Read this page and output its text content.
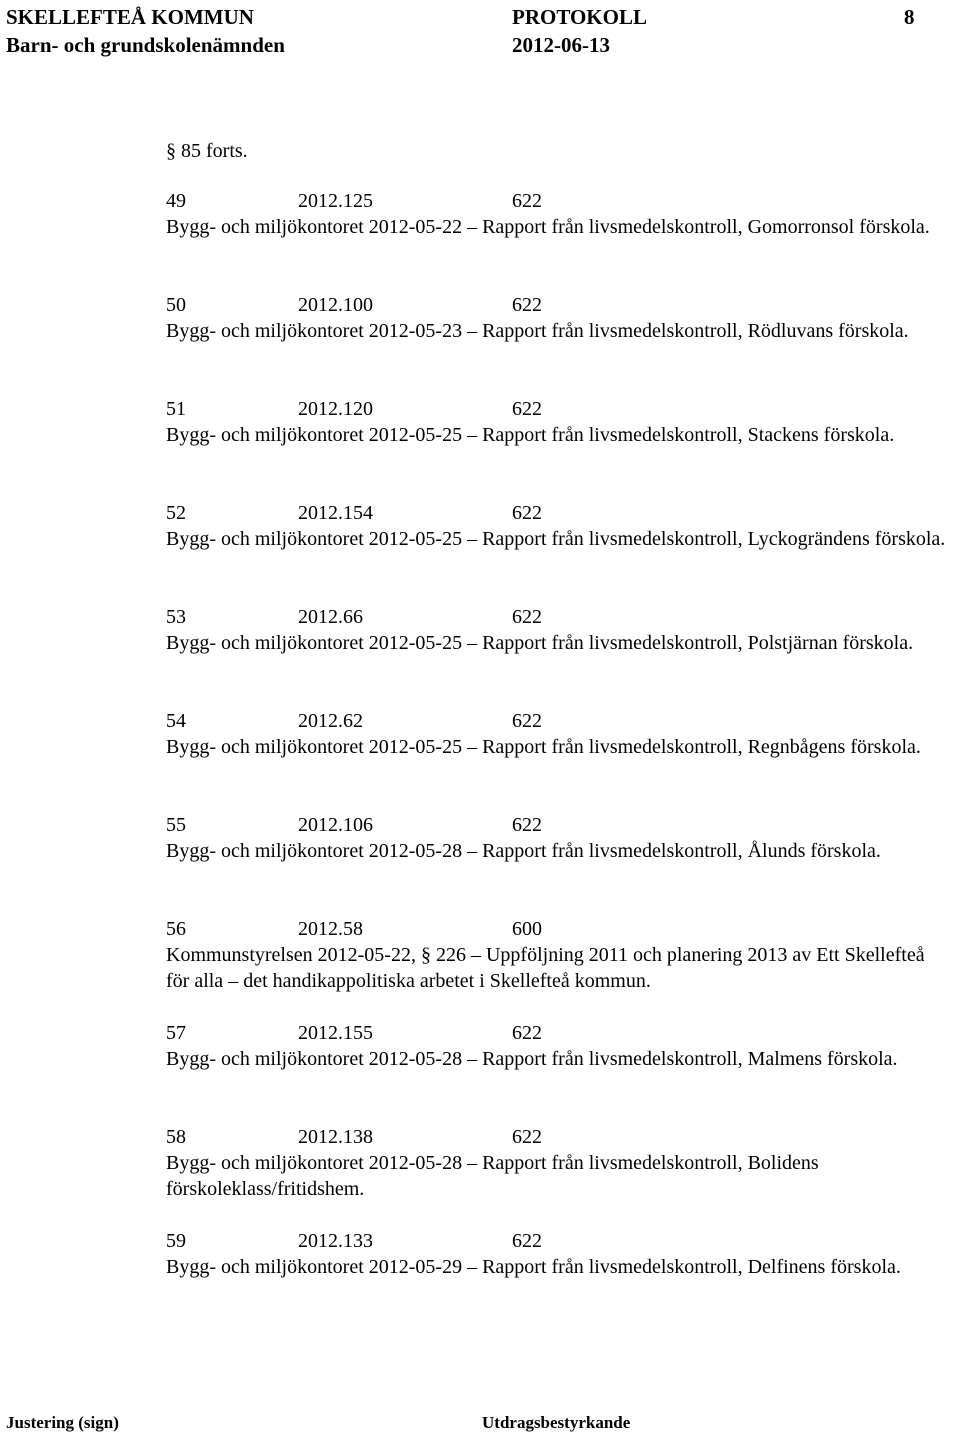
SKELLEFTEÅ KOMMUN	PROTOKOLL	8
Barn- och grundskolenämnden	2012-06-13
§ 85 forts.
49	2012.125	622
Bygg- och miljökontoret 2012-05-22 – Rapport från livsmedelskontroll, Gomorronsol förskola.
50	2012.100	622
Bygg- och miljökontoret 2012-05-23 – Rapport från livsmedelskontroll, Rödluvans förskola.
51	2012.120	622
Bygg- och miljökontoret 2012-05-25 – Rapport från livsmedelskontroll, Stackens förskola.
52	2012.154	622
Bygg- och miljökontoret 2012-05-25 – Rapport från livsmedelskontroll, Lyckogrändens förskola.
53	2012.66	622
Bygg- och miljökontoret 2012-05-25 – Rapport från livsmedelskontroll, Polstjärnan förskola.
54	2012.62	622
Bygg- och miljökontoret 2012-05-25 – Rapport från livsmedelskontroll, Regnbågens förskola.
55	2012.106	622
Bygg- och miljökontoret 2012-05-28 – Rapport från livsmedelskontroll, Ålunds förskola.
56	2012.58	600
Kommunstyrelsen 2012-05-22, § 226 – Uppföljning 2011 och planering 2013 av Ett Skellefteå för alla – det handikappolitiska arbetet i Skellefteå kommun.
57	2012.155	622
Bygg- och miljökontoret 2012-05-28 – Rapport från livsmedelskontroll, Malmens förskola.
58	2012.138	622
Bygg- och miljökontoret 2012-05-28 – Rapport från livsmedelskontroll, Bolidens förskoleklass/fritidshem.
59	2012.133	622
Bygg- och miljökontoret 2012-05-29 – Rapport från livsmedelskontroll, Delfinens förskola.
Justering (sign)	Utdragsbestyrkande
